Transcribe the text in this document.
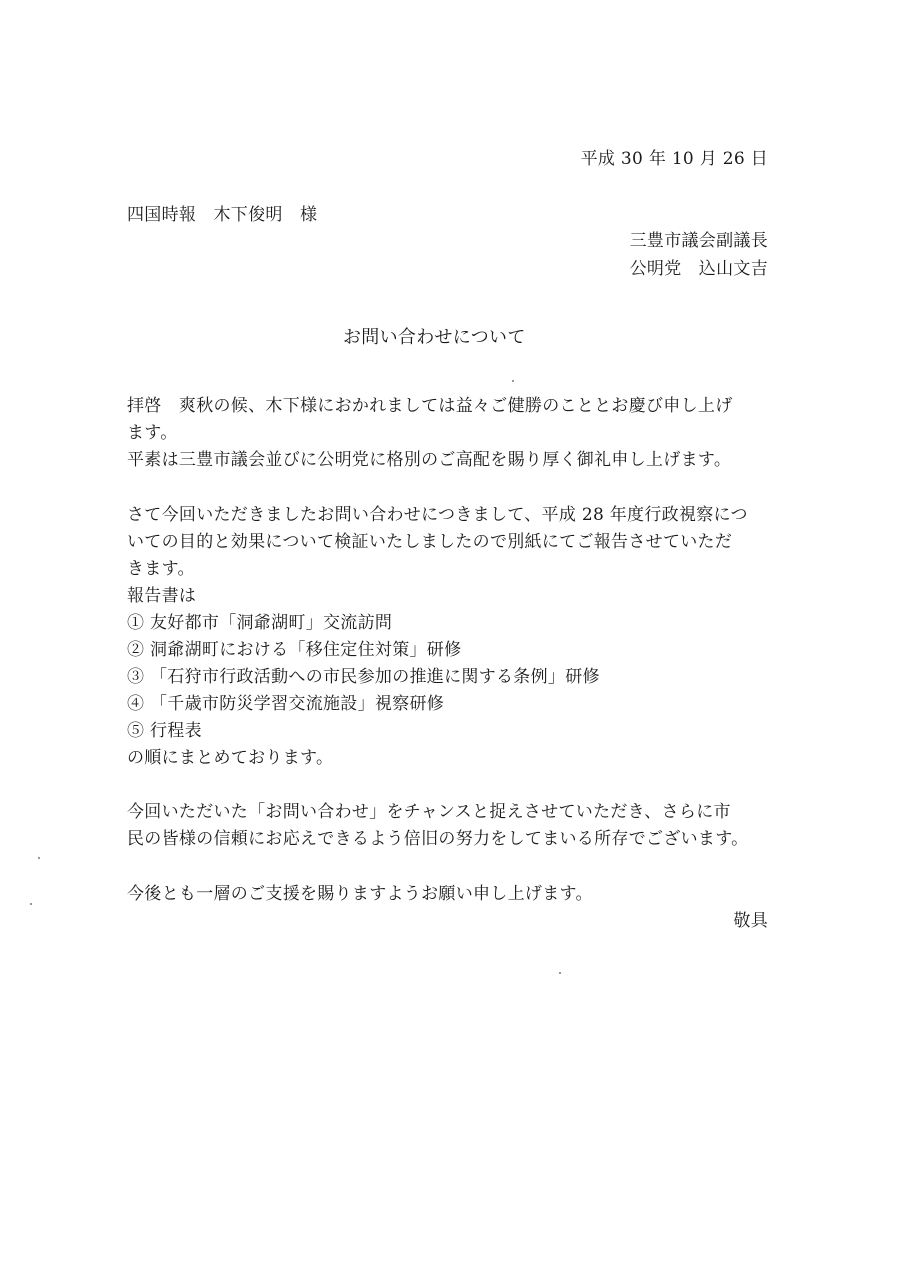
平成 30 年 10 月 26 日
四国時報　木下俊明　様
三豊市議会副議長
公明党　込山文吉
お問い合わせについて
拝啓　爽秋の候、木下様におかれましては益々ご健勝のこととお慶び申し上げ
ます。
平素は三豊市議会並びに公明党に格別のご高配を賜り厚く御礼申し上げます。
さて今回いただきましたお問い合わせにつきまして、平成 28 年度行政視察につ
いての目的と効果について検証いたしましたので別紙にてご報告させていただ
きます。
報告書は
① 友好都市「洞爺湖町」交流訪問
② 洞爺湖町における「移住定住対策」研修
③ 「石狩市行政活動への市民参加の推進に関する条例」研修
④ 「千歳市防災学習交流施設」視察研修
⑤ 行程表
の順にまとめております。
今回いただいた「お問い合わせ」をチャンスと捉えさせていただき、さらに市
民の皆様の信頼にお応えできるよう倍旧の努力をしてまいる所存でございます。
今後とも一層のご支援を賜りますようお願い申し上げます。
敬具
